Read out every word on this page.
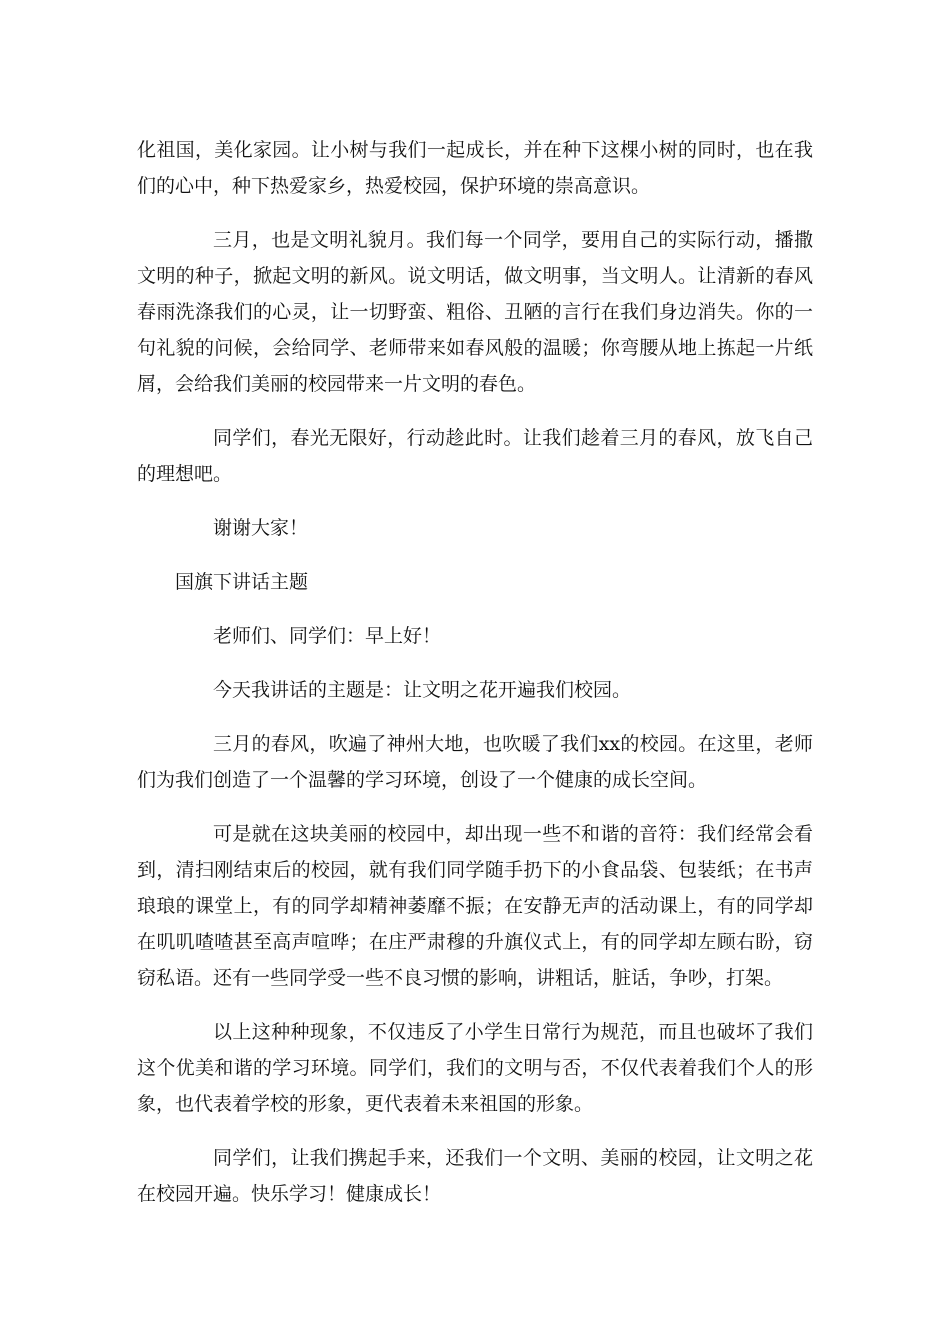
化祖国，美化家园。让小树与我们一起成长，并在种下这棵小树的同时，也在我们的心中，种下热爱家乡，热爱校园，保护环境的崇高意识。

三月，也是文明礼貌月。我们每一个同学，要用自己的实际行动，播撒文明的种子，掀起文明的新风。说文明话，做文明事，当文明人。让清新的春风春雨洗涤我们的心灵，让一切野蛮、粗俗、丑陋的言行在我们身边消失。你的一句礼貌的问候，会给同学、老师带来如春风般的温暖；你弯腰从地上拣起一片纸屑，会给我们美丽的校园带来一片文明的春色。

同学们，春光无限好，行动趁此时。让我们趁着三月的春风，放飞自己的理想吧。

谢谢大家！

国旗下讲话主题

老师们、同学们：早上好！

今天我讲话的主题是：让文明之花开遍我们校园。

三月的春风，吹遍了神州大地，也吹暖了我们xx的校园。在这里，老师们为我们创造了一个温馨的学习环境，创设了一个健康的成长空间。

可是就在这块美丽的校园中，却出现一些不和谐的音符：我们经常会看到，清扫刚结束后的校园，就有我们同学随手扔下的小食品袋、包装纸；在书声琅琅的课堂上，有的同学却精神萎靡不振；在安静无声的活动课上，有的同学却在叽叽喳喳甚至高声喧哗；在庄严肃穆的升旗仪式上，有的同学却左顾右盼，窃窃私语。还有一些同学受一些不良习惯的影响，讲粗话，脏话，争吵，打架。

以上这种种现象，不仅违反了小学生日常行为规范，而且也破坏了我们这个优美和谐的学习环境。同学们，我们的文明与否，不仅代表着我们个人的形象，也代表着学校的形象，更代表着未来祖国的形象。

同学们，让我们携起手来，还我们一个文明、美丽的校园，让文明之花在校园开遍。快乐学习！健康成长！
